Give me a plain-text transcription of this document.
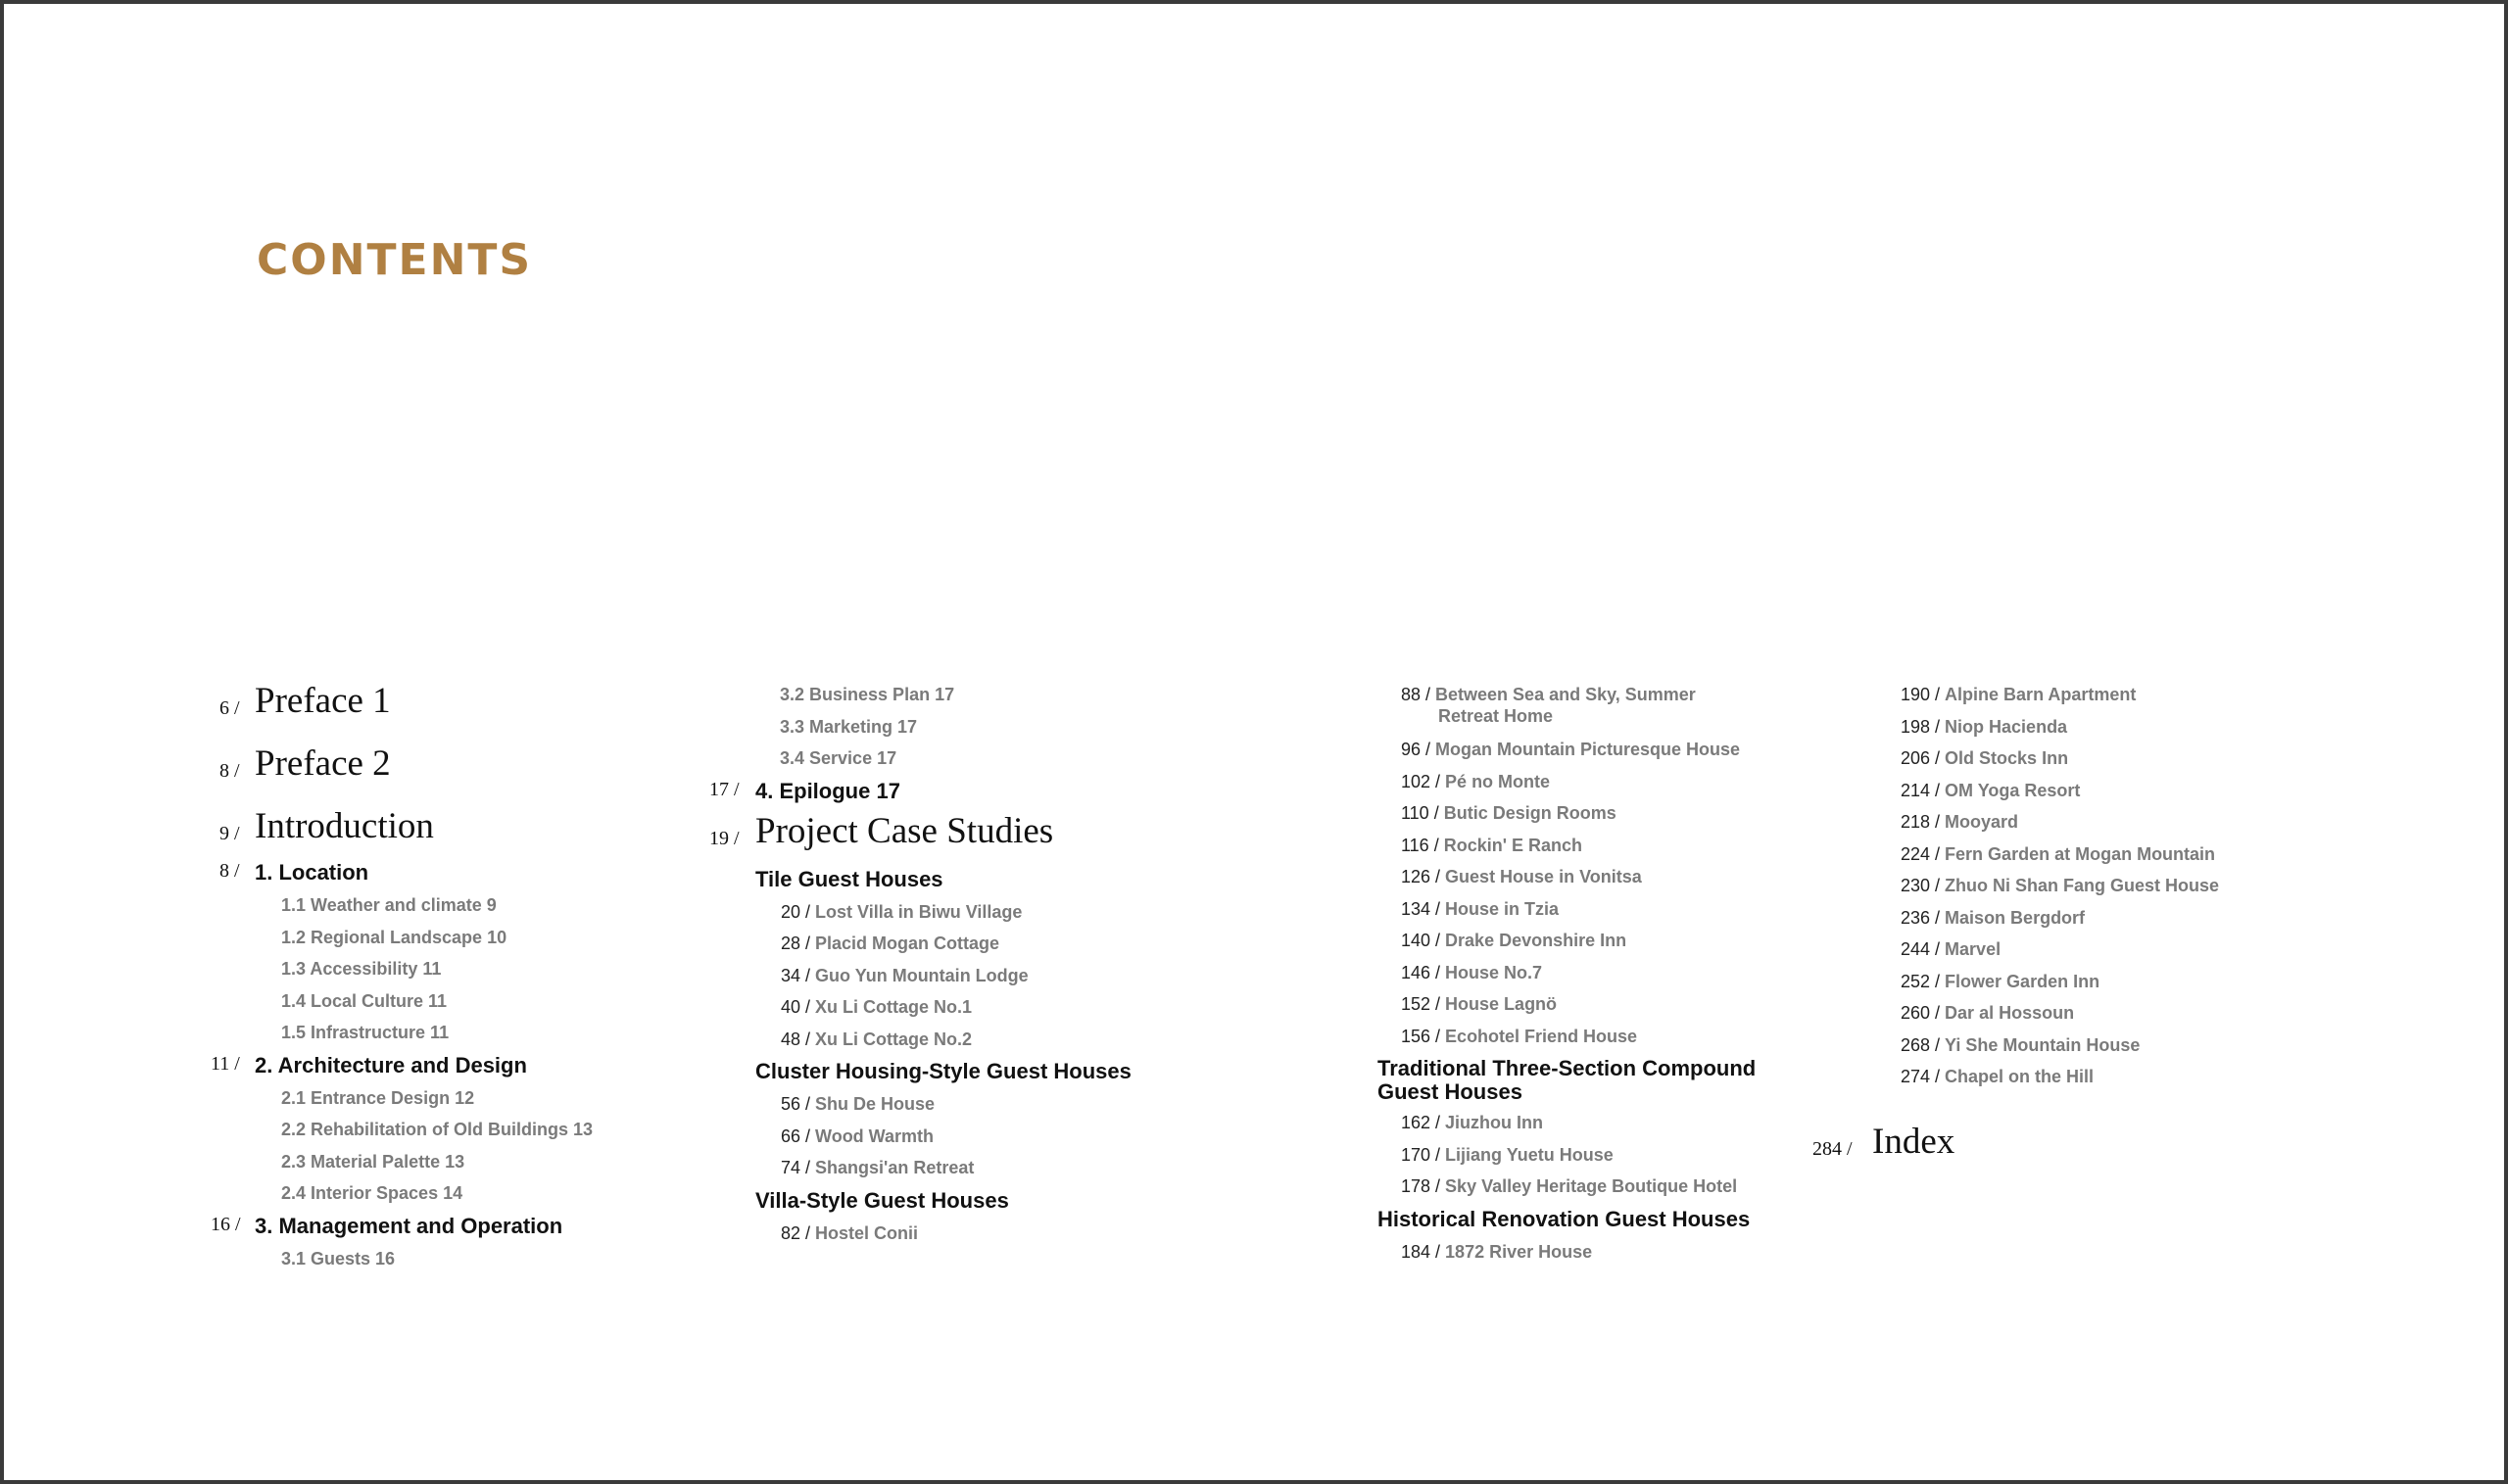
CONTENTS
6 / Preface 1
8 / Preface 2
9 / Introduction
8 / 1. Location
1.1 Weather and climate 9
1.2 Regional Landscape 10
1.3 Accessibility 11
1.4 Local Culture 11
1.5 Infrastructure 11
11 / 2. Architecture and Design
2.1 Entrance Design 12
2.2 Rehabilitation of Old Buildings 13
2.3 Material Palette 13
2.4 Interior Spaces 14
16 / 3. Management and Operation
3.1 Guests 16
3.2 Business Plan 17
3.3 Marketing 17
3.4 Service 17
17 / 4. Epilogue 17
19 / Project Case Studies
Tile Guest Houses
20 / Lost Villa in Biwu Village
28 / Placid Mogan Cottage
34 / Guo Yun Mountain Lodge
40 / Xu Li Cottage No.1
48 / Xu Li Cottage No.2
Cluster Housing-Style Guest Houses
56 / Shu De House
66 / Wood Warmth
74 / Shangsi'an Retreat
Villa-Style Guest Houses
82 / Hostel Conii
88 / Between Sea and Sky, Summer
Retreat Home
96 / Mogan Mountain Picturesque House
102 / Pé no Monte
110 / Butic Design Rooms
116 / Rockin' E Ranch
126 / Guest House in Vonitsa
134 / House in Tzia
140 / Drake Devonshire Inn
146 / House No.7
152 / House Lagnö
156 / Ecohotel Friend House
Traditional Three-Section Compound
Guest Houses
162 / Jiuzhou Inn
170 / Lijiang Yuetu House
178 / Sky Valley Heritage Boutique Hotel
Historical Renovation Guest Houses
184 / 1872 River House
190 / Alpine Barn Apartment
198 / Niop Hacienda
206 / Old Stocks Inn
214 / OM Yoga Resort
218 / Mooyard
224 / Fern Garden at Mogan Mountain
230 / Zhuo Ni Shan Fang Guest House
236 / Maison Bergdorf
244 / Marvel
252 / Flower Garden Inn
260 / Dar al Hossoun
268 / Yi She Mountain House
274 / Chapel on the Hill
284 / Index
